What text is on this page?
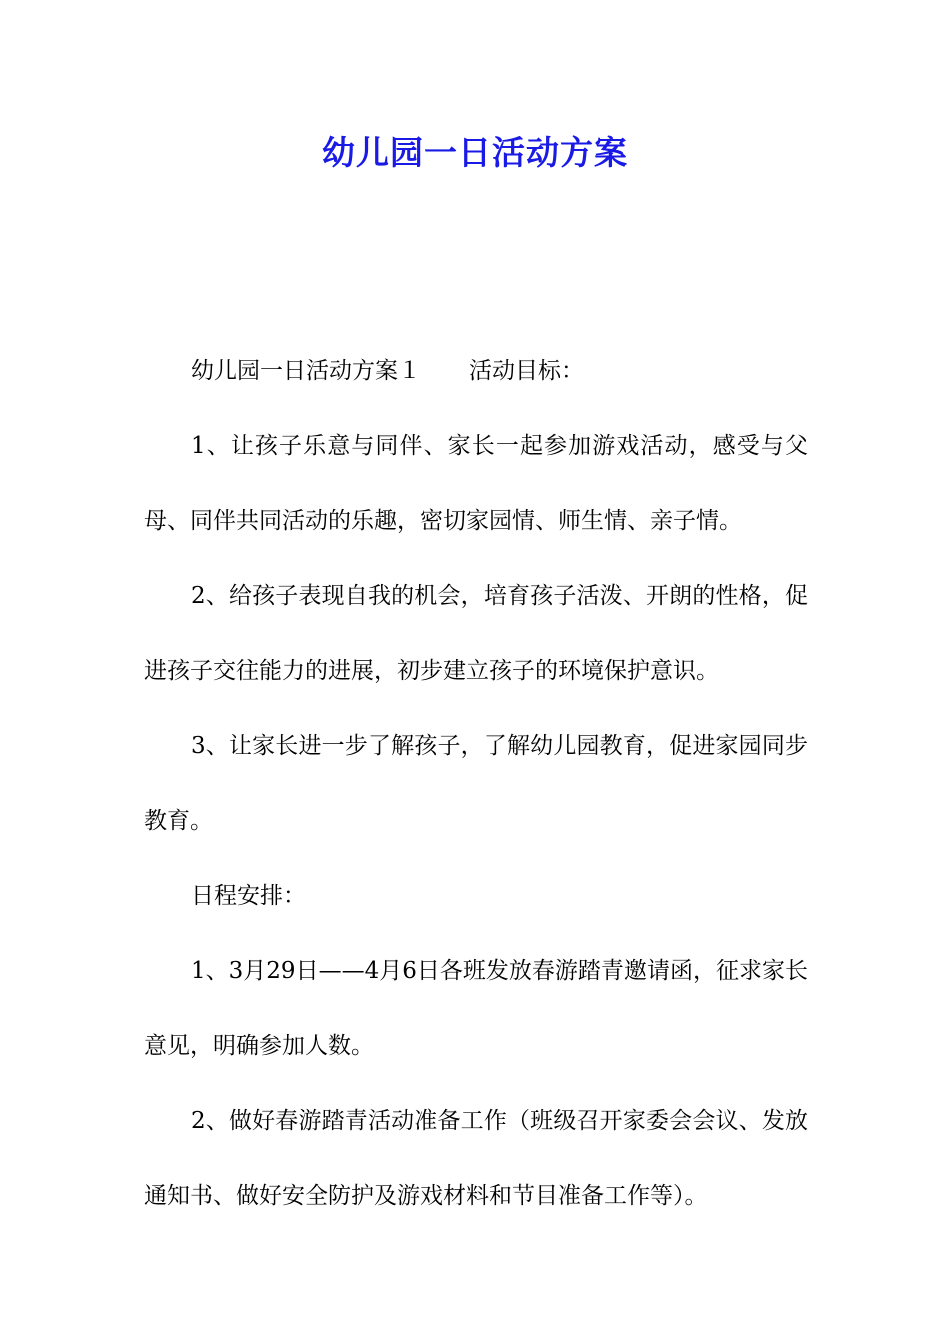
幼儿园一日活动方案

幼儿园一日活动方案１ 活动目标：

1、让孩子乐意与同伴、家长一起参加游戏活动，感受与父母、同伴共同活动的乐趣，密切家园情、师生情、亲子情。

2、给孩子表现自我的机会，培育孩子活泼、开朗的性格，促进孩子交往能力的进展，初步建立孩子的环境保护意识。

3、让家长进一步了解孩子，了解幼儿园教育，促进家园同步教育。

日程安排：

1、3月29日——4月6日各班发放春游踏青邀请函，征求家长意见，明确参加人数。

2、做好春游踏青活动准备工作（班级召开家委会会议、发放通知书、做好安全防护及游戏材料和节目准备工作等）。
